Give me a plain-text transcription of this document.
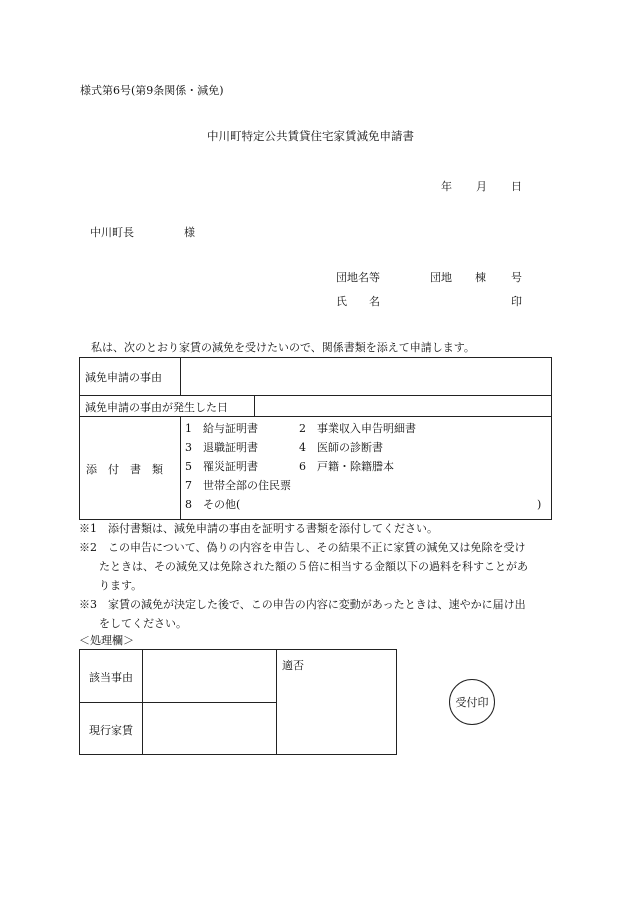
様式第6号(第9条関係・減免)
中川町特定公共賃貸住宅家賃減免申請書
年 月 日
中川町長	様
団地名等	団地 棟 号
氏　　名	印
私は、次のとおり家賃の減免を受けたいので、関係書類を添えて申請します。
減免申請の事由
減免申請の事由が発生した日
添　付　書　類
1　給与証明書	2　事業収入申告明細書
3　退職証明書	4　医師の診断書
5　罹災証明書	6　戸籍・除籍謄本
7　世帯全部の住民票
8　その他(	)
※1　添付書類は、減免申請の事由を証明する書類を添付してください。
※2　この申告について、偽りの内容を申告し、その結果不正に家賃の減免又は免除を受け
たときは、その減免又は免除された額の５倍に相当する金額以下の過料を科すことがあ
ります。
※3　家賃の減免が決定した後で、この申告の内容に変動があったときは、速やかに届け出
をしてください。
＜処理欄＞
該当事由
現行家賃
適否
受付印
